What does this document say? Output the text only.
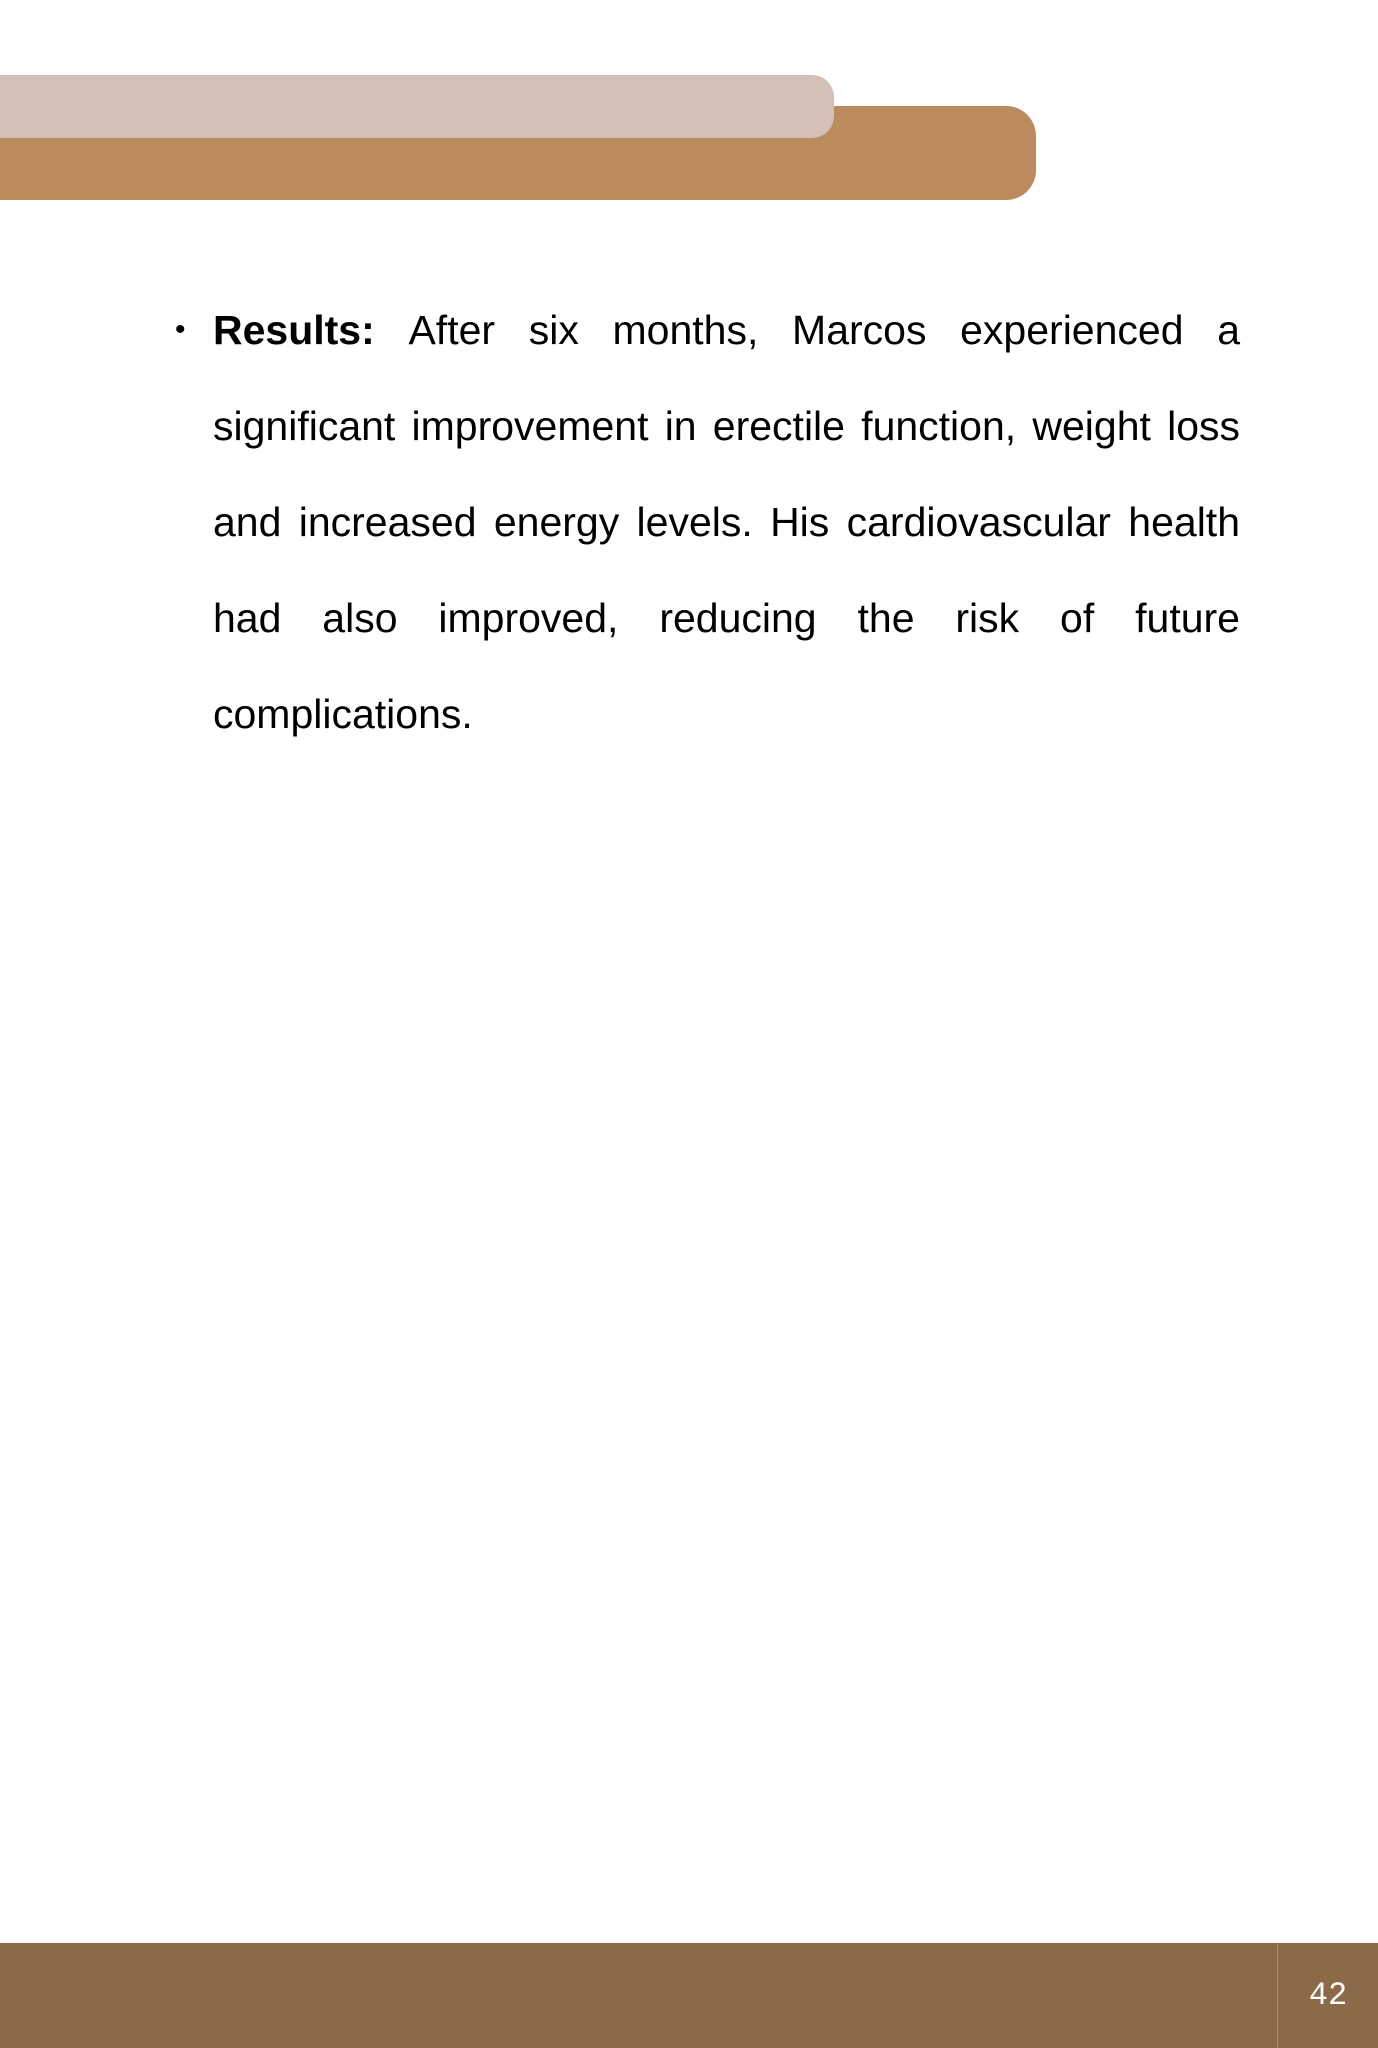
• Results: After six months, Marcos experienced a significant improvement in erectile function, weight loss and increased energy levels. His cardiovascular health had also improved, reducing the risk of future complications.
42
